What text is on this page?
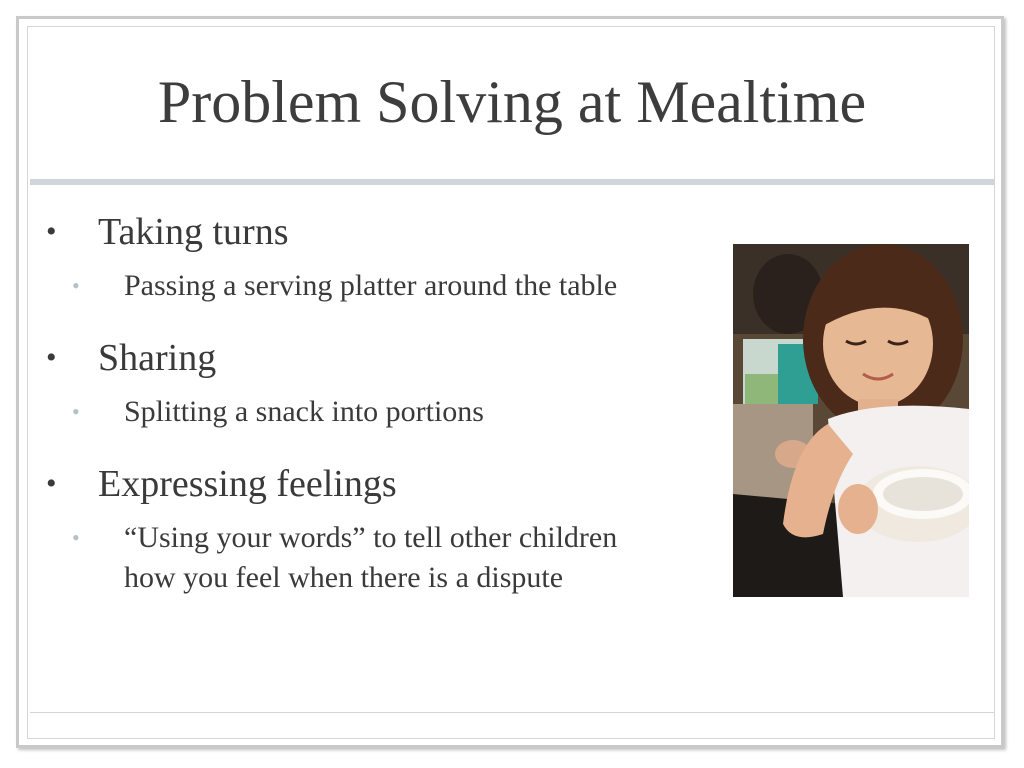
Problem Solving at Mealtime
• Taking turns
• Passing a serving platter around the table
• Sharing
• Splitting a snack into portions
• Expressing feelings
• “Using your words” to tell other children
how you feel when there is a dispute
